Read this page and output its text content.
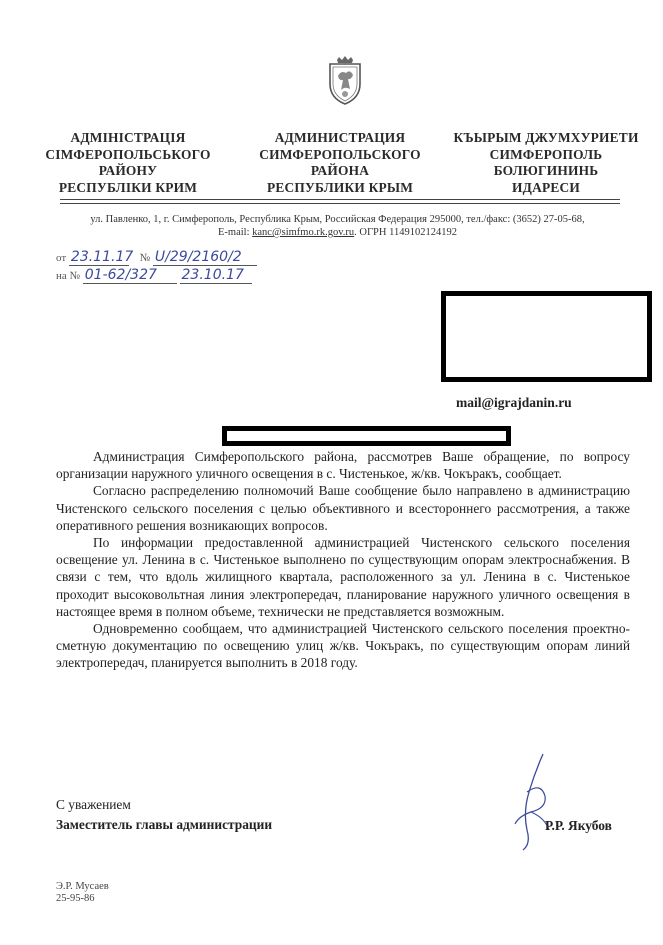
АДМІНІСТРАЦІЯ
СІМФЕРОПОЛЬСЬКОГО
РАЙОНУ
РЕСПУБЛІКИ КРИМ
АДМИНИСТРАЦИЯ
СИМФЕРОПОЛЬСКОГО
РАЙОНА
РЕСПУБЛИКИ КРЫМ
КЪЫРЫМ ДЖУМХУРИЕТИ
СИМФЕРОПОЛЬ
БОЛЮГИНИНЬ
ИДАРЕСИ
ул. Павленко, 1, г. Симферополь, Республика Крым, Российская Федерация 295000, тел./факс: (3652) 27-05-68,
E-mail: kanc@simfmo.rk.gov.ru. ОГРН 1149102124192
от 23.11.17 № U/29/2160/2
на № 01-62/327 23.10.17
mail@igrajdanin.ru

Администрация Симферопольского района, рассмотрев Ваше обращение, по вопросу организации наружного уличного освещения в с. Чистенькое, ж/кв. Чокъракъ, сообщает.

Согласно распределению полномочий Ваше сообщение было направлено в администрацию Чистенского сельского поселения с целью объективного и всестороннего рассмотрения, а также оперативного решения возникающих вопросов.

По информации предоставленной администрацией Чистенского сельского поселения освещение ул. Ленина в с. Чистенькое выполнено по существующим опорам электроснабжения. В связи с тем, что вдоль жилищного квартала, расположенного за ул. Ленина в с. Чистенькое проходит высоковольтная линия электропередач, планирование наружного уличного освещения в настоящее время в полном объеме, технически не представляется возможным.

Одновременно сообщаем, что администрацией Чистенского сельского поселения проектно-сметную документацию по освещению улиц ж/кв. Чокъракъ, по существующим опорам линий электропередач, планируется выполнить в 2018 году.

С уважением
Заместитель главы администрации	Р.Р. Якубов
Э.Р. Мусаев
25-95-86
